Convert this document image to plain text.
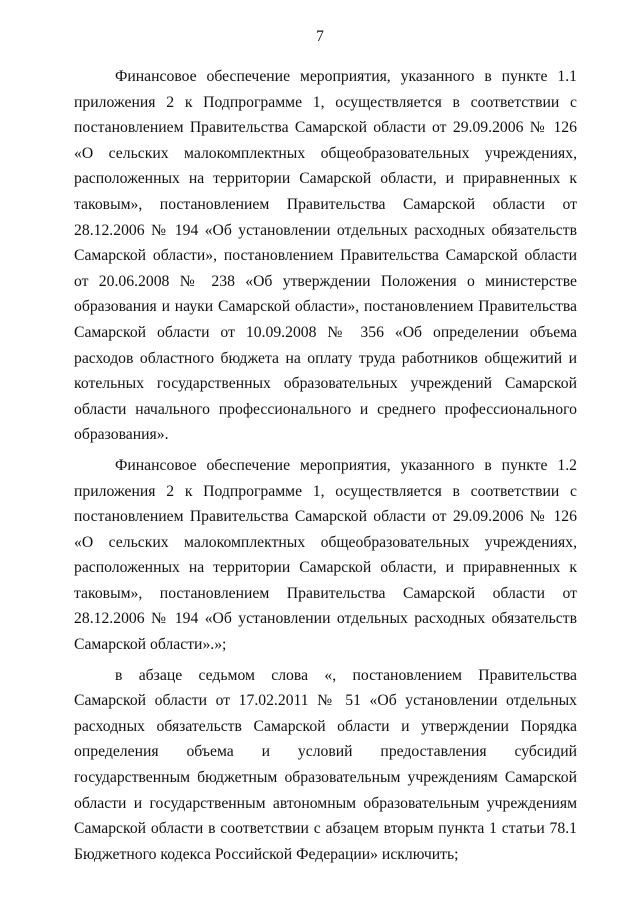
7

Финансовое обеспечение мероприятия, указанного в пункте 1.1 приложения 2 к Подпрограмме 1, осуществляется в соответствии с постановлением Правительства Самарской области от 29.09.2006 № 126 «О сельских малокомплектных общеобразовательных учреждениях, расположенных на территории Самарской области, и приравненных к таковым», постановлением Правительства Самарской области от 28.12.2006 № 194 «Об установлении отдельных расходных обязательств Самарской области», постановлением Правительства Самарской области от 20.06.2008 № 238 «Об утверждении Положения о министерстве образования и науки Самарской области», постановлением Правительства Самарской области от 10.09.2008 № 356 «Об определении объема расходов областного бюджета на оплату труда работников общежитий и котельных государственных образовательных учреждений Самарской области начального профессионального и среднего профессионального образования».

Финансовое обеспечение мероприятия, указанного в пункте 1.2 приложения 2 к Подпрограмме 1, осуществляется в соответствии с постановлением Правительства Самарской области от 29.09.2006 № 126 «О сельских малокомплектных общеобразовательных учреждениях, расположенных на территории Самарской области, и приравненных к таковым», постановлением Правительства Самарской области от 28.12.2006 № 194 «Об установлении отдельных расходных обязательств Самарской области».»;

в абзаце седьмом слова «, постановлением Правительства Самарской области от 17.02.2011 № 51 «Об установлении отдельных расходных обязательств Самарской области и утверждении Порядка определения объема и условий предоставления субсидий государственным бюджетным образовательным учреждениям Самарской области и государственным автономным образовательным учреждениям Самарской области в соответствии с абзацем вторым пункта 1 статьи 78.1 Бюджетного кодекса Российской Федерации» исключить;
